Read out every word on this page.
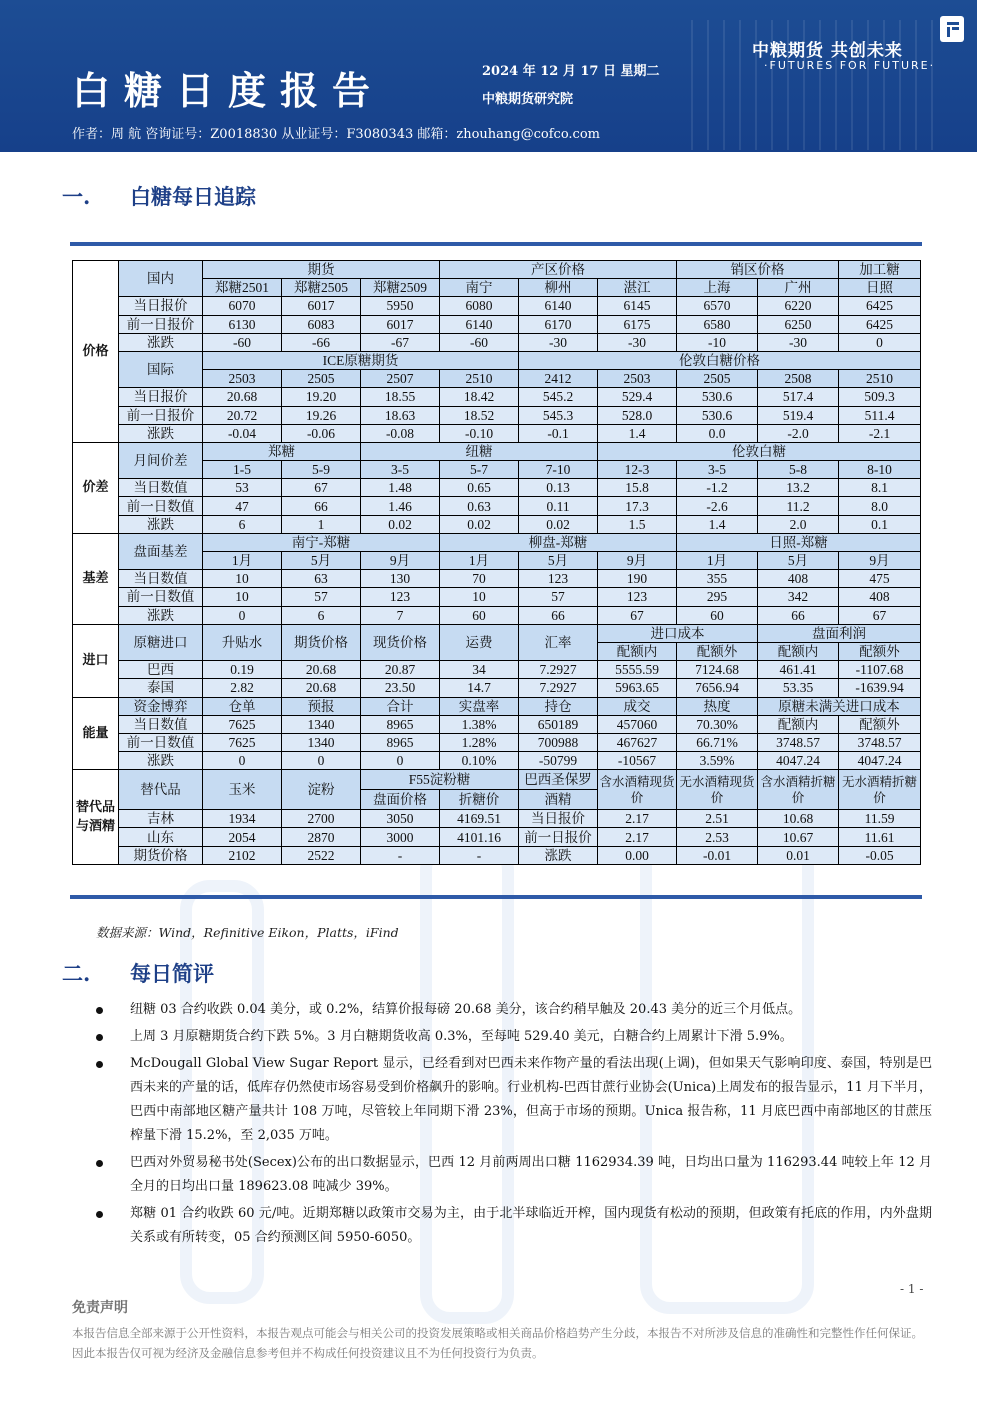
白糖日度报告	2024 年 12 月 17 日 星期二
中粮期货研究院
中粮期货 共创未来
·FUTURES FOR FUTURE·
作者：周 航 咨询证号：Z0018830 从业证号：F3080343 邮箱：zhouhang@cofco.com
一. 白糖每日追踪
价格	国内	期货			产区价格			销区价格		加工糖
		郑糖2501	郑糖2505	郑糖2509	南宁	柳州	湛江	上海	广州	日照
	当日报价	6070	6017	5950	6080	6140	6145	6570	6220	6425
	前一日报价	6130	6083	6017	6140	6170	6175	6580	6250	6425
	涨跌	-60	-66	-67	-60	-30	-30	-10	-30	0
	国际	ICE原糖期货				伦敦白糖价格				
		2503	2505	2507	2510	2412	2503	2505	2508	2510
	当日报价	20.68	19.20	18.55	18.42	545.2	529.4	530.6	517.4	509.3
	前一日报价	20.72	19.26	18.63	18.52	545.3	528.0	530.6	519.4	511.4
	涨跌	-0.04	-0.06	-0.08	-0.10	-0.1	1.4	0.0	-2.0	-2.1
价差	月间价差	郑糖		纽糖			伦敦白糖			
		1-5	5-9	3-5	5-7	7-10	12-3	3-5	5-8	8-10
	当日数值	53	67	1.48	0.65	0.13	15.8	-1.2	13.2	8.1
	前一日数值	47	66	1.46	0.63	0.11	17.3	-2.6	11.2	8.0
	涨跌	6	1	0.02	0.02	0.02	1.5	1.4	2.0	0.1
基差	盘面基差	南宁-郑糖			柳盘-郑糖			日照-郑糖		
		1月	5月	9月	1月	5月	9月	1月	5月	9月
	当日数值	10	63	130	70	123	190	355	408	475
	前一日数值	10	57	123	10	57	123	295	342	408
	涨跌	0	6	7	60	66	67	60	66	67
进口	原糖进口	升贴水	期货价格	现货价格	运费	汇率	进口成本		盘面利润	
							配额内	配额外	配额内	配额外
	巴西	0.19	20.68	20.87	34	7.2927	5555.59	7124.68	461.41	-1107.68
	泰国	2.82	20.68	23.50	14.7	7.2927	5963.65	7656.94	53.35	-1639.94
能量	资金博弈	仓单	预报	合计	实盘率	持仓	成交	热度	原糖未满关进口成本	
	当日数值	7625	1340	8965	1.38%	650189	457060	70.30%	配额内	配额外
	前一日数值	7625	1340	8965	1.28%	700988	467627	66.71%	3748.57	3748.57
	涨跌	0	0	0	0.10%	-50799	-10567	3.59%	4047.24	4047.24
替代品与酒精	替代品	玉米	淀粉	F55淀粉糖		巴西圣保罗	含水酒精现货价	无水酒精现货价	含水酒精折糖价	无水酒精折糖价
				盘面价格	折糖价	酒精				
	吉林	1934	2700	3050	4169.51	当日报价	2.17	2.51	10.68	11.59
	山东	2054	2870	3000	4101.16	前一日报价	2.17	2.53	10.67	11.61
	期货价格	2102	2522	-	-	涨跌	0.00	-0.01	0.01	-0.05
数据来源：Wind，Refinitive Eikon，Platts，iFind
二. 每日简评
纽糖 03 合约收跌 0.04 美分，或 0.2%，结算价报每磅 20.68 美分，该合约稍早触及 20.43 美分的近三个月低点。
上周 3 月原糖期货合约下跌 5%。3 月白糖期货收高 0.3%，至每吨 529.40 美元，白糖合约上周累计下滑 5.9%。
McDougall Global View Sugar Report 显示，已经看到对巴西未来作物产量的看法出现(上调)，但如果天气影响印度、泰国，特别是巴西未来的产量的话，低库存仍然使市场容易受到价格飙升的影响。行业机构-巴西甘蔗行业协会(Unica)上周发布的报告显示，11 月下半月，巴西中南部地区糖产量共计 108 万吨，尽管较上年同期下滑 23%，但高于市场的预期。Unica 报告称，11 月底巴西中南部地区的甘蔗压榨量下滑 15.2%，至 2,035 万吨。
巴西对外贸易秘书处(Secex)公布的出口数据显示，巴西 12 月前两周出口糖 1162934.39 吨，日均出口量为 116293.44 吨较上年 12 月全月的日均出口量 189623.08 吨减少 39%。
郑糖 01 合约收跌 60 元/吨。近期郑糖以政策市交易为主，由于北半球临近开榨，国内现货有松动的预期，但政策有托底的作用，内外盘期关系或有所转变，05 合约预测区间 5950-6050。
- 1 -
免责声明
本报告信息全部来源于公开性资料，本报告观点可能会与相关公司的投资发展策略或相关商品价格趋势产生分歧，本报告不对所涉及信息的准确性和完整性作任何保证。因此本报告仅可视为经济及金融信息参考但并不构成任何投资建议且不为任何投资行为负责。
